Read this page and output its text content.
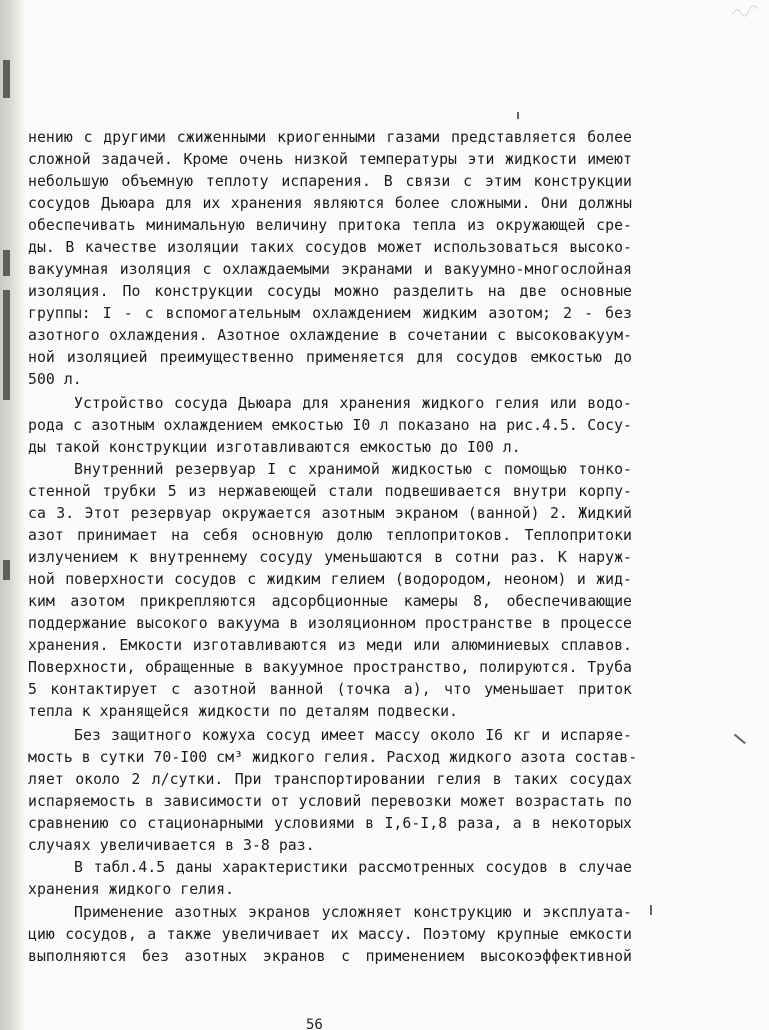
нению с другими сжиженными криогенными газами представляется более
сложной задачей. Кроме очень низкой температуры эти жидкости имеют
небольшую объемную теплоту испарения. В связи с этим конструкции
сосудов Дьюара для их хранения являются более сложными. Они должны
обеспечивать минимальную величину притока тепла из окружающей сре-
ды. В качестве изоляции таких сосудов может использоваться высоко-
вакуумная изоляция с охлаждаемыми экранами и вакуумно-многослойная
изоляция. По конструкции сосуды можно разделить на две основные
группы: I - с вспомогательным охлаждением жидким азотом; 2 - без
азотного охлаждения. Азотное охлаждение в сочетании с высоковакуум-
ной изоляцией преимущественно применяется для сосудов емкостью до
500 л.
Устройство сосуда Дьюара для хранения жидкого гелия или водо-
рода с азотным охлаждением емкостью I0 л показано на рис.4.5. Сосу-
ды такой конструкции изготавливаются емкостью до I00 л.
Внутренний резервуар I с хранимой жидкостью с помощью тонко-
стенной трубки 5 из нержавеющей стали подвешивается внутри корпу-
са 3. Этот резервуар окружается азотным экраном (ванной) 2. Жидкий
азот принимает на себя основную долю теплопритоков. Теплопритоки
излучением к внутреннему сосуду уменьшаются в сотни раз. К наруж-
ной поверхности сосудов с жидким гелием (водородом, неоном) и жид-
ким азотом прикрепляются адсорбционные камеры 8, обеспечивающие
поддержание высокого вакуума в изоляционном пространстве в процессе
хранения. Емкости изготавливаются из меди или алюминиевых сплавов.
Поверхности, обращенные в вакуумное пространство, полируются. Труба
5 контактирует с азотной ванной (точка а), что уменьшает приток
тепла к хранящейся жидкости по деталям подвески.
Без защитного кожуха сосуд имеет массу около I6 кг и испаряе-
мость в сутки 70-I00 см³ жидкого гелия. Расход жидкого азота состав-
ляет около 2 л/сутки. При транспортировании гелия в таких сосудах
испаряемость в зависимости от условий перевозки может возрастать по
сравнению со стационарными условиями в I,6-I,8 раза, а в некоторых
случаях увеличивается в 3-8 раз.
В табл.4.5 даны характеристики рассмотренных сосудов в случае
хранения жидкого гелия.
Применение азотных экранов усложняет конструкцию и эксплуата-
цию сосудов, а также увеличивает их массу. Поэтому крупные емкости
выполняются без азотных экранов с применением высокоэффективной
56
